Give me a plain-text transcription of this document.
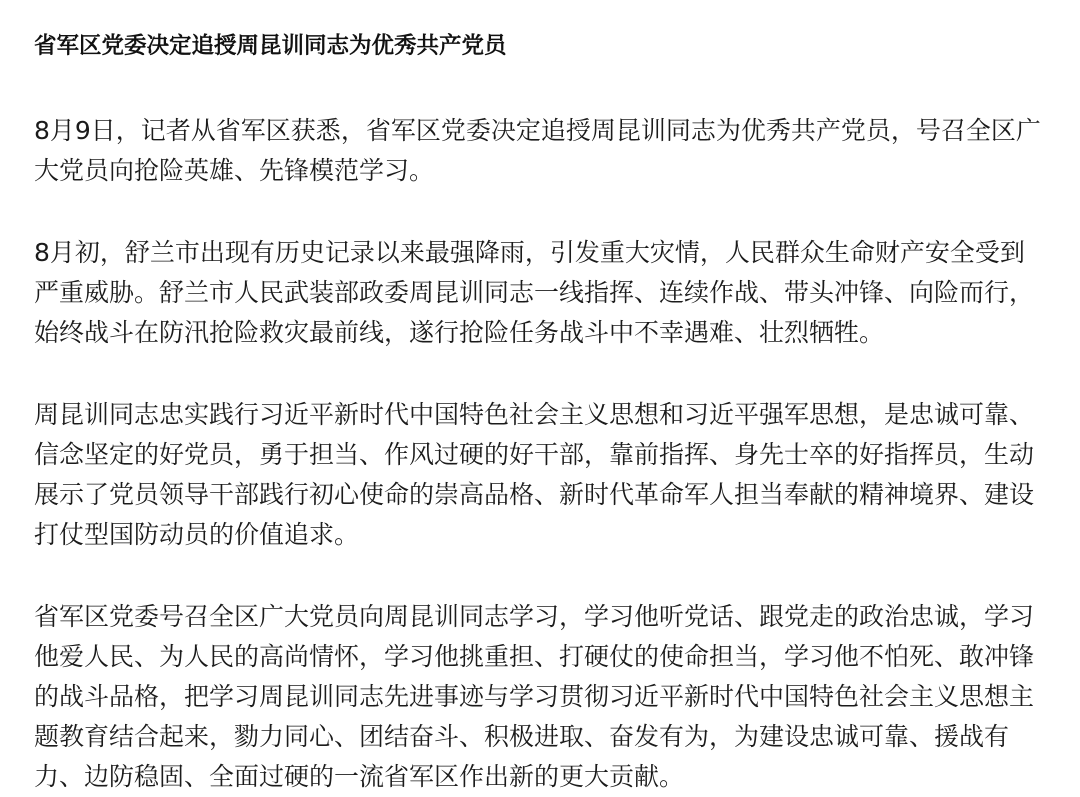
省军区党委决定追授周昆训同志为优秀共产党员

8月9日，记者从省军区获悉，省军区党委决定追授周昆训同志为优秀共产党员，号召全区广大党员向抢险英雄、先锋模范学习。

8月初，舒兰市出现有历史记录以来最强降雨，引发重大灾情，人民群众生命财产安全受到严重威胁。舒兰市人民武装部政委周昆训同志一线指挥、连续作战、带头冲锋、向险而行，始终战斗在防汛抢险救灾最前线，遂行抢险任务战斗中不幸遇难、壮烈牺牲。

周昆训同志忠实践行习近平新时代中国特色社会主义思想和习近平强军思想，是忠诚可靠、信念坚定的好党员，勇于担当、作风过硬的好干部，靠前指挥、身先士卒的好指挥员，生动展示了党员领导干部践行初心使命的崇高品格、新时代革命军人担当奉献的精神境界、建设打仗型国防动员的价值追求。

省军区党委号召全区广大党员向周昆训同志学习，学习他听党话、跟党走的政治忠诚，学习他爱人民、为人民的高尚情怀，学习他挑重担、打硬仗的使命担当，学习他不怕死、敢冲锋的战斗品格，把学习周昆训同志先进事迹与学习贯彻习近平新时代中国特色社会主义思想主题教育结合起来，勠力同心、团结奋斗、积极进取、奋发有为，为建设忠诚可靠、援战有力、边防稳固、全面过硬的一流省军区作出新的更大贡献。
